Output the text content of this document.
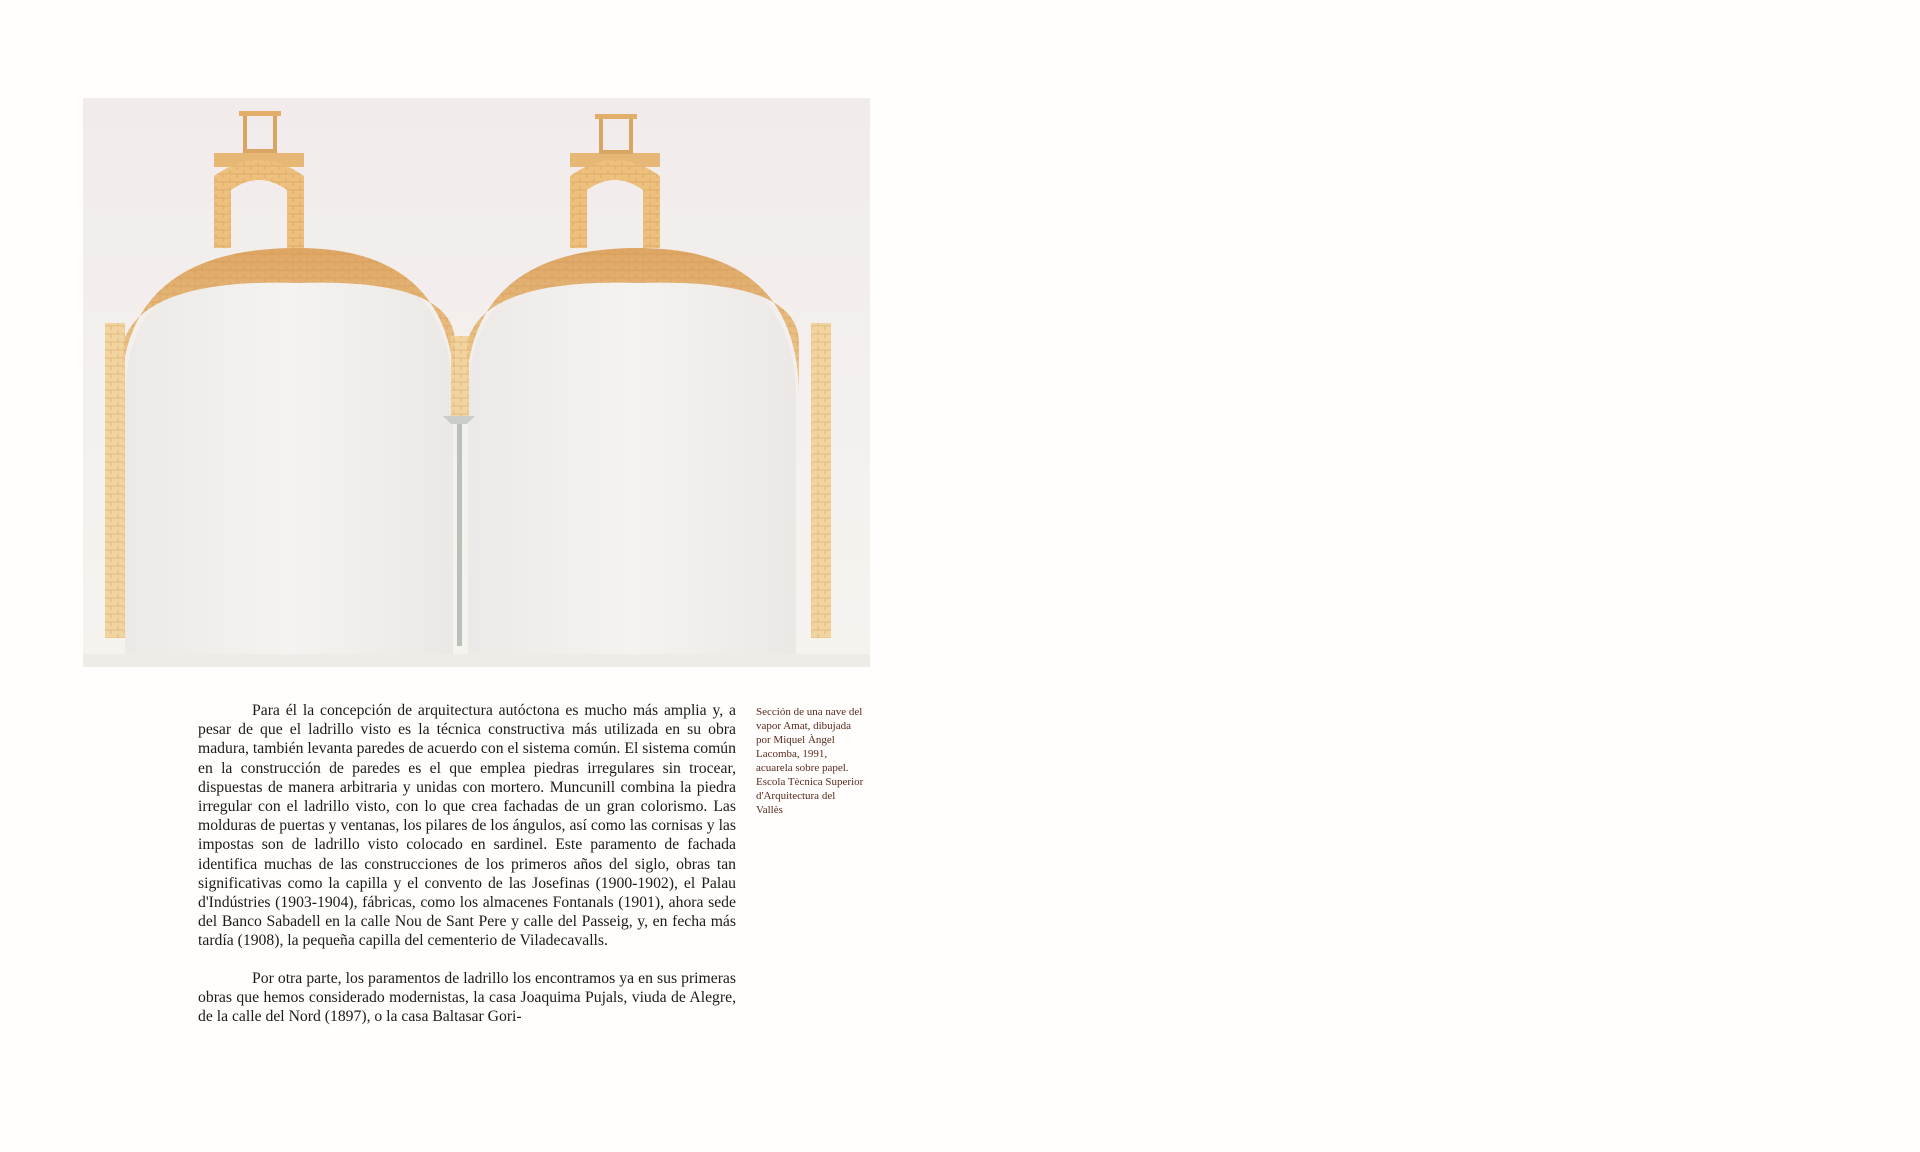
Para él la concepción de arquitectura autóctona es mucho más amplia y, a pesar de que el ladrillo visto es la técnica constructiva más utilizada en su obra madura, también levanta paredes de acuerdo con el sistema común. El sistema común en la construcción de paredes es el que emplea piedras irregulares sin trocear, dispuestas de manera arbitraria y unidas con mortero. Muncunill combina la piedra irregular con el ladrillo visto, con lo que crea fachadas de un gran colorismo. Las molduras de puertas y ventanas, los pilares de los ángulos, así como las cornisas y las impostas son de ladrillo visto colocado en sardinel. Este paramento de fachada identifica muchas de las construcciones de los primeros años del siglo, obras tan significativas como la capilla y el convento de las Josefinas (1900-1902), el Palau d'Indústries (1903-1904), fábricas, como los almacenes Fontanals (1901), ahora sede del Banco Sabadell en la calle Nou de Sant Pere y calle del Passeig, y, en fecha más tardía (1908), la pequeña capilla del cementerio de Viladecavalls.

Por otra parte, los paramentos de ladrillo los encontramos ya en sus primeras obras que hemos considerado modernistas, la casa Joaquima Pujals, viuda de Alegre, de la calle del Nord (1897), o la casa Baltasar Gori-

Sección de una nave del vapor Amat, dibujada por Miquel Àngel Lacomba, 1991, acuarela sobre papel. Escola Tècnica Superior d'Arquitectura del Vallès
